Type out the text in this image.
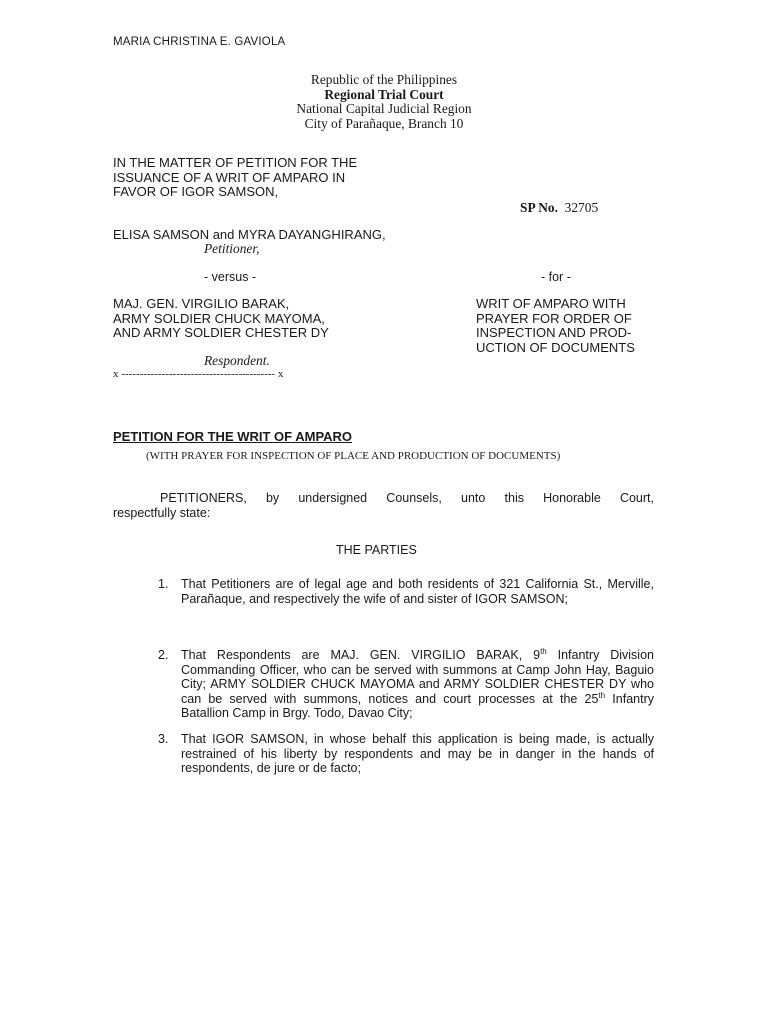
MARIA CHRISTINA E. GAVIOLA
Republic of the Philippines
Regional Trial Court
National Capital Judicial Region
City of Parañaque, Branch 10
IN THE MATTER OF PETITION FOR THE
ISSUANCE OF A WRIT OF AMPARO IN
FAVOR OF IGOR SAMSON,
SP No. 32705
ELISA SAMSON and MYRA DAYANGHIRANG,
Petitioner,
- versus -	- for -
MAJ. GEN. VIRGILIO BARAK,
ARMY SOLDIER CHUCK MAYOMA,
AND ARMY SOLDIER CHESTER DY
WRIT OF AMPARO WITH
PRAYER FOR ORDER OF
INSPECTION AND PROD-
UCTION OF DOCUMENTS
Respondent.
x ------------------------------------------ x
PETITION FOR THE WRIT OF AMPARO
(WITH PRAYER FOR INSPECTION OF PLACE AND PRODUCTION OF DOCUMENTS)
PETITIONERS, by undersigned Counsels, unto this Honorable Court,
respectfully state:
THE PARTIES
1. That Petitioners are of legal age and both residents of 321 California St., Merville, Parañaque, and respectively the wife of and sister of IGOR SAMSON;
2. That Respondents are MAJ. GEN. VIRGILIO BARAK, 9th Infantry Division Commanding Officer, who can be served with summons at Camp John Hay, Baguio City; ARMY SOLDIER CHUCK MAYOMA and ARMY SOLDIER CHESTER DY who can be served with summons, notices and court processes at the 25th Infantry Batallion Camp in Brgy. Todo, Davao City;
3. That IGOR SAMSON, in whose behalf this application is being made, is actually restrained of his liberty by respondents and may be in danger in the hands of respondents, de jure or de facto;
